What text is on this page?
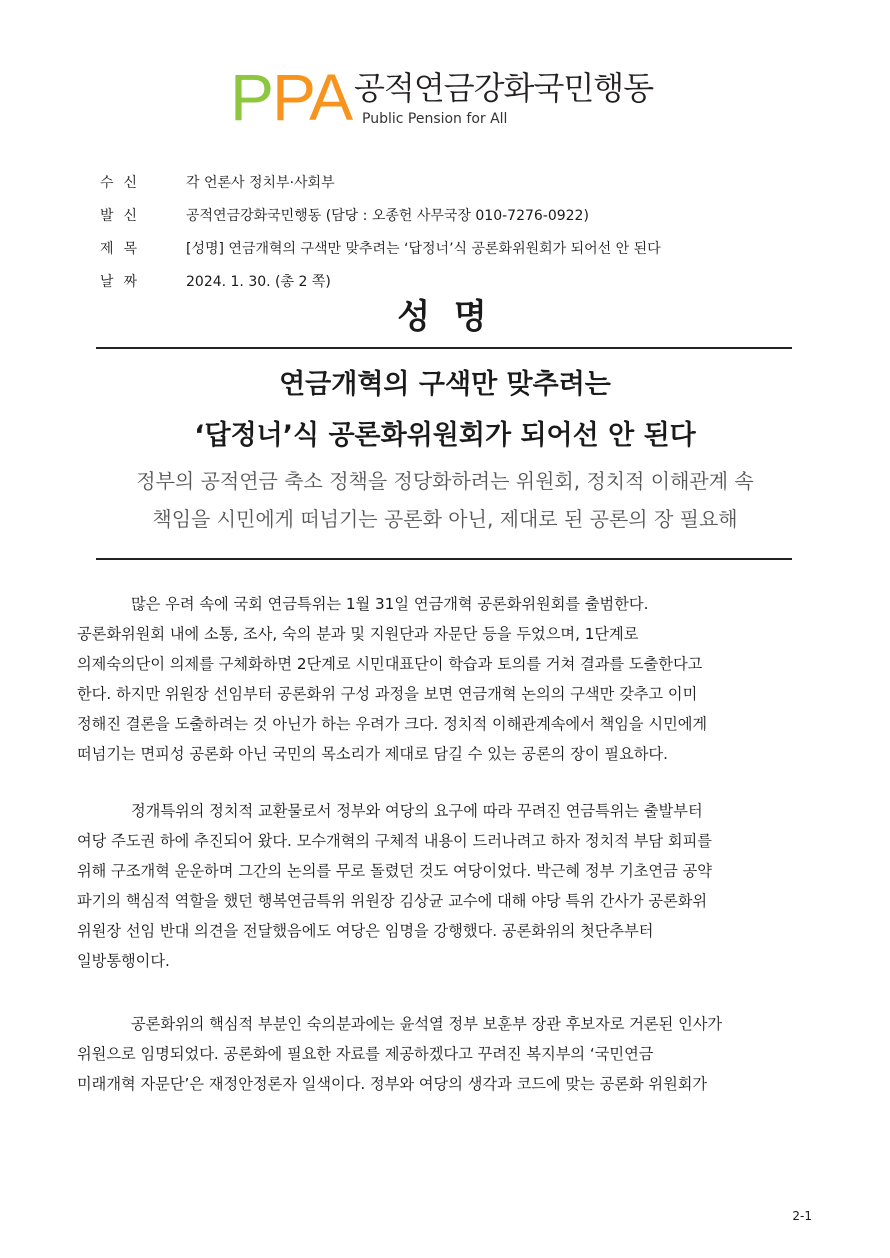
PPA 공적연금강화국민행동
Public Pension for All
수신	각 언론사 정치부·사회부
발신	공적연금강화국민행동 (담당 : 오종헌 사무국장 010-7276-0922)
제목	[성명] 연금개혁의 구색만 맞추려는 ‘답정너’식 공론화위원회가 되어선 안 된다
날짜	2024. 1. 30. (총 2 쪽)
성 명
연금개혁의 구색만 맞추려는
‘답정너’식 공론화위원회가 되어선 안 된다
정부의 공적연금 축소 정책을 정당화하려는 위원회, 정치적 이해관계 속
책임을 시민에게 떠넘기는 공론화 아닌, 제대로 된 공론의 장 필요해
많은 우려 속에 국회 연금특위는 1월 31일 연금개혁 공론화위원회를 출범한다.
공론화위원회 내에 소통, 조사, 숙의 분과 및 지원단과 자문단 등을 두었으며, 1단계로
의제숙의단이 의제를 구체화하면 2단계로 시민대표단이 학습과 토의를 거쳐 결과를 도출한다고
한다. 하지만 위원장 선임부터 공론화위 구성 과정을 보면 연금개혁 논의의 구색만 갖추고 이미
정해진 결론을 도출하려는 것 아닌가 하는 우려가 크다. 정치적 이해관계속에서 책임을 시민에게
떠넘기는 면피성 공론화 아닌 국민의 목소리가 제대로 담길 수 있는 공론의 장이 필요하다.
정개특위의 정치적 교환물로서 정부와 여당의 요구에 따라 꾸려진 연금특위는 출발부터
여당 주도권 하에 추진되어 왔다. 모수개혁의 구체적 내용이 드러나려고 하자 정치적 부담 회피를
위해 구조개혁 운운하며 그간의 논의를 무로 돌렸던 것도 여당이었다. 박근혜 정부 기초연금 공약
파기의 핵심적 역할을 했던 행복연금특위 위원장 김상균 교수에 대해 야당 특위 간사가 공론화위
위원장 선임 반대 의견을 전달했음에도 여당은 임명을 강행했다. 공론화위의 첫단추부터
일방통행이다.
공론화위의 핵심적 부분인 숙의분과에는 윤석열 정부 보훈부 장관 후보자로 거론된 인사가
위원으로 임명되었다. 공론화에 필요한 자료를 제공하겠다고 꾸려진 복지부의 ‘국민연금
미래개혁 자문단’은 재정안정론자 일색이다. 정부와 여당의 생각과 코드에 맞는 공론화 위원회가
2-1
